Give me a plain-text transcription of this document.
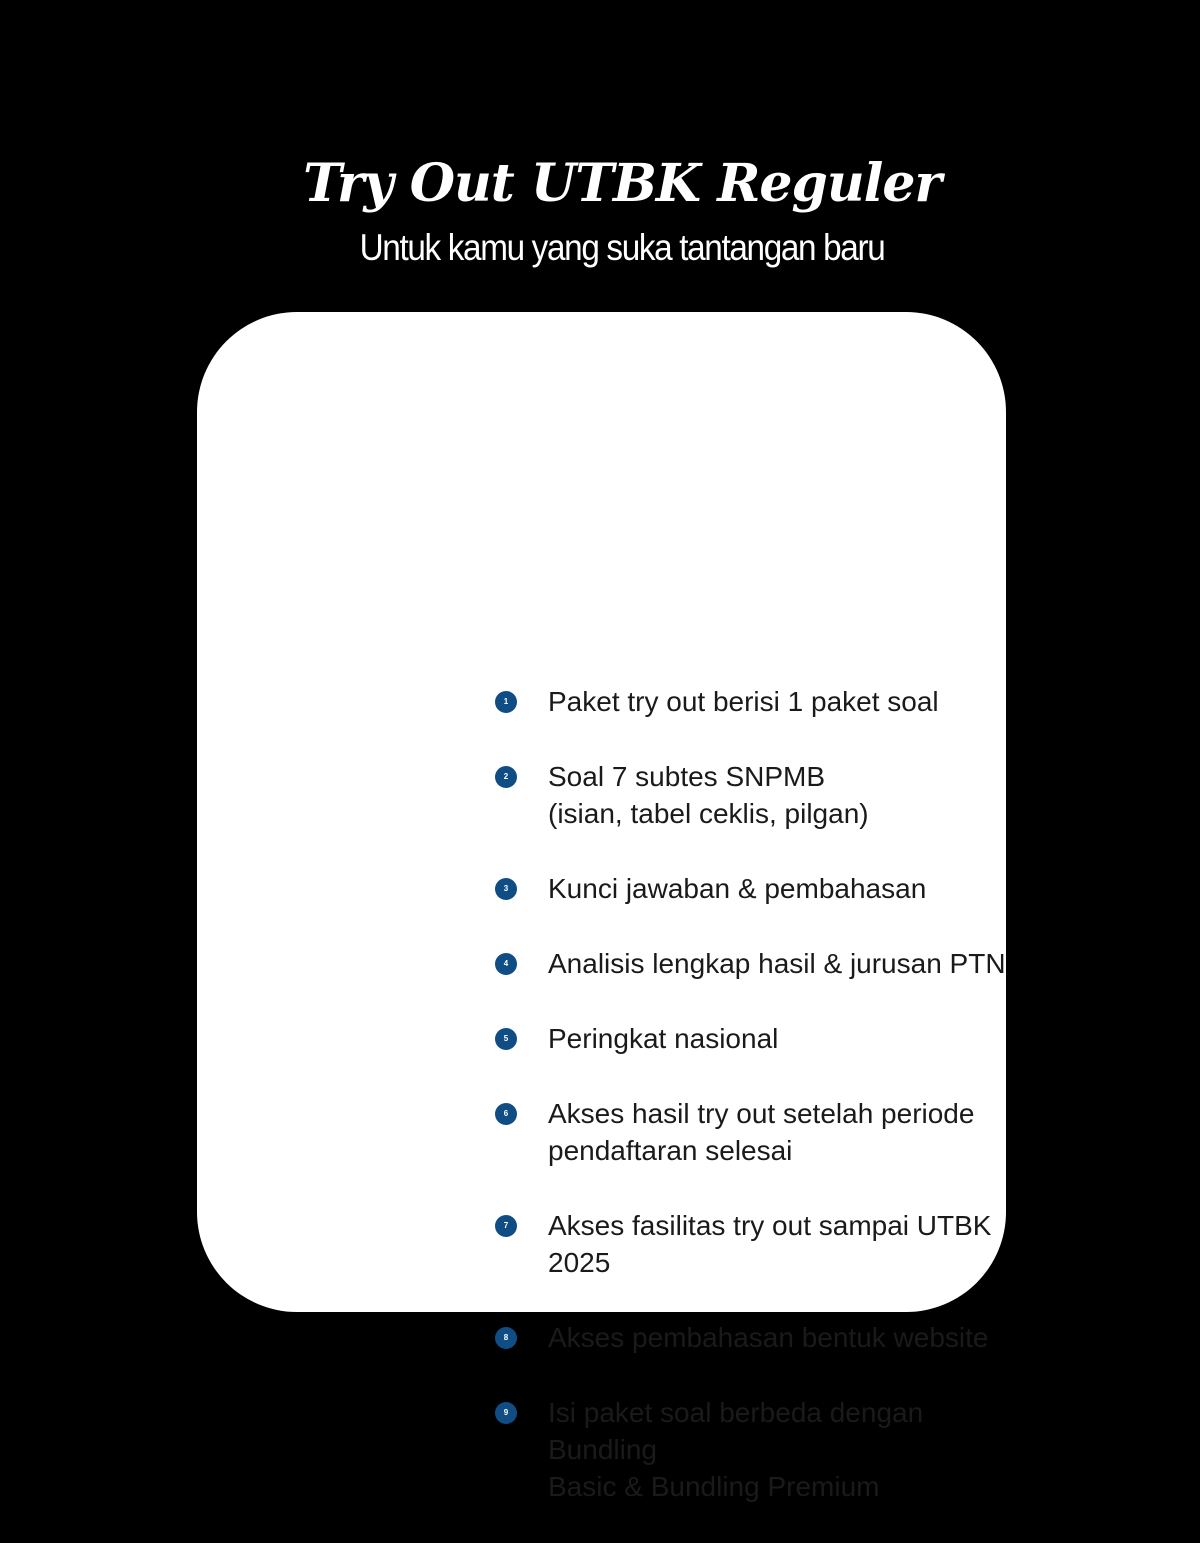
Try Out UTBK Reguler
Untuk kamu yang suka tantangan baru
1	Paket try out berisi 1 paket soal
2	Soal 7 subtes SNPMB
(isian, tabel ceklis, pilgan)
3	Kunci jawaban & pembahasan
4	Analisis lengkap hasil & jurusan PTN
5	Peringkat nasional
6	Akses hasil try out setelah periode
pendaftaran selesai
7	Akses fasilitas try out sampai UTBK 2025
8	Akses pembahasan bentuk website
9	Isi paket soal berbeda dengan Bundling
Basic & Bundling Premium
